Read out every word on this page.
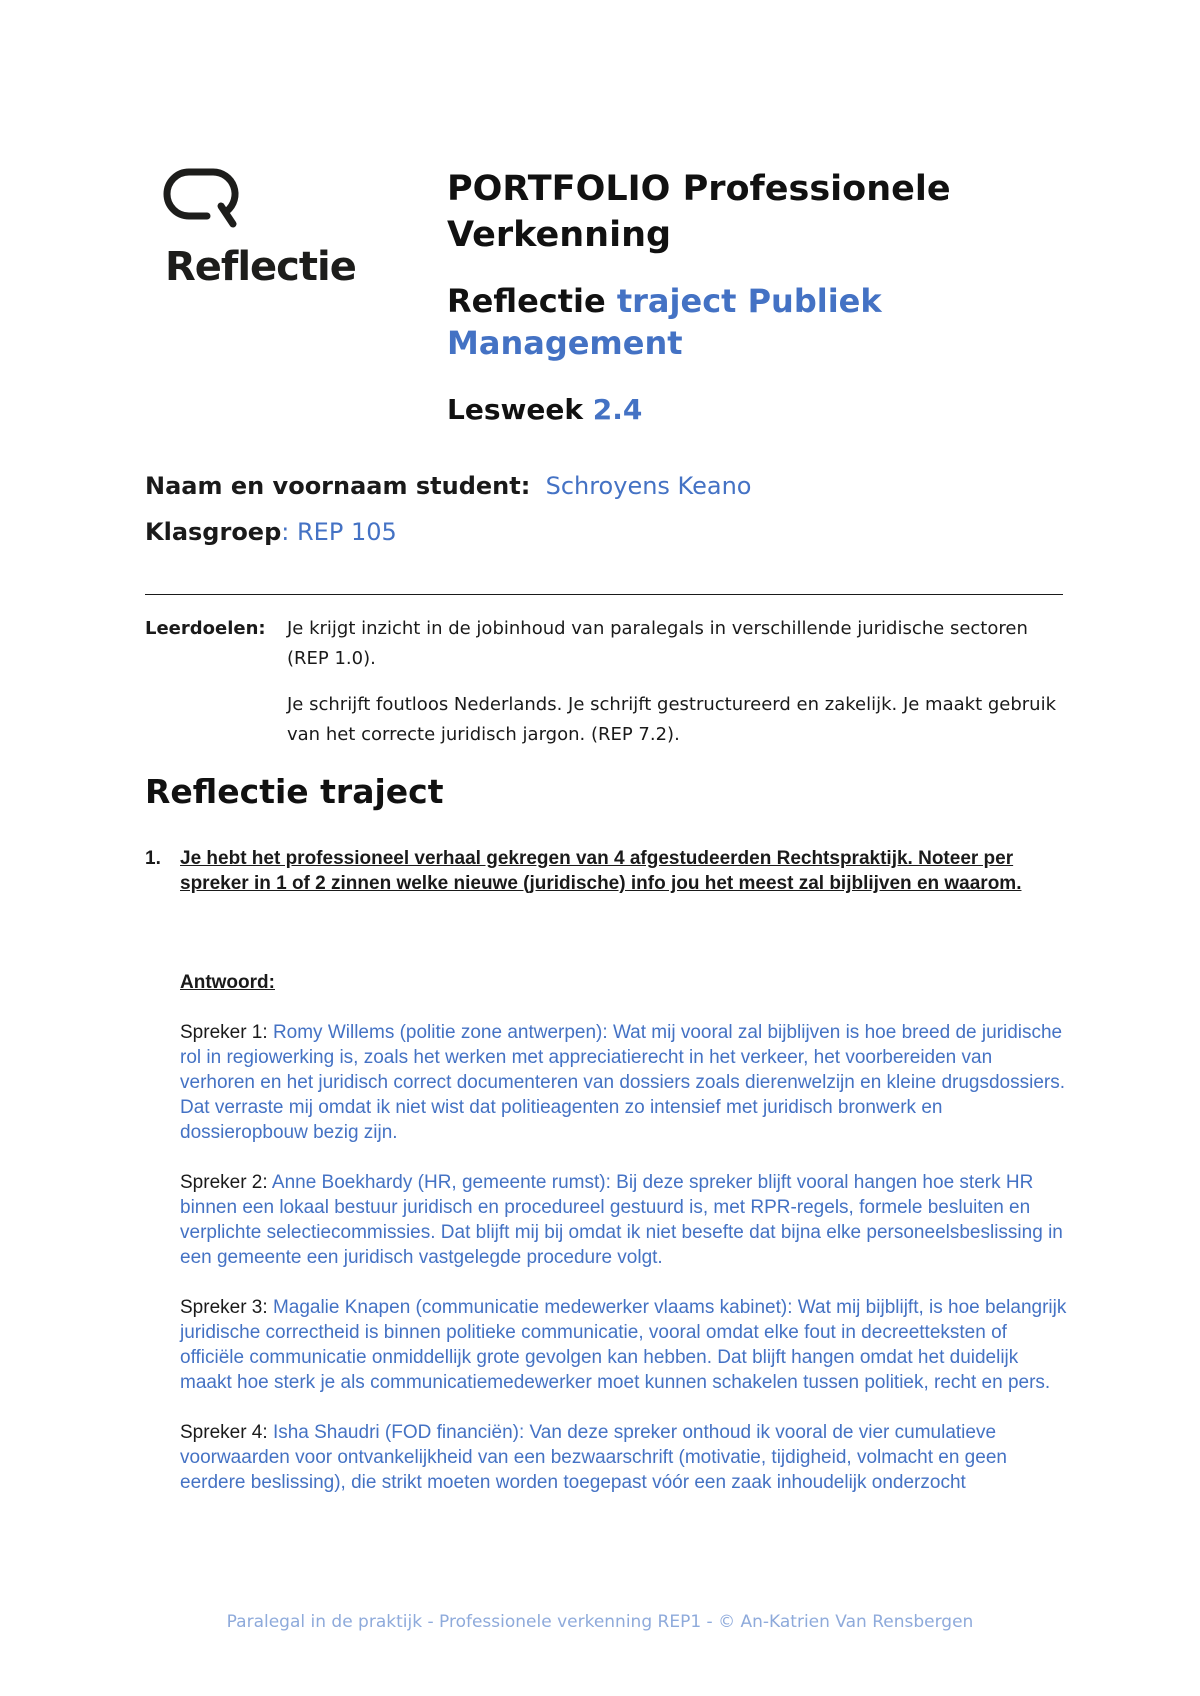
Reflectie
PORTFOLIO Professionele Verkenning
Reflectie traject Publiek Management
Lesweek 2.4
Naam en voornaam student: Schroyens Keano
Klasgroep: REP 105
Leerdoelen: Je krijgt inzicht in de jobinhoud van paralegals in verschillende juridische sectoren (REP 1.0).

Je schrijft foutloos Nederlands. Je schrijft gestructureerd en zakelijk. Je maakt gebruik van het correcte juridisch jargon. (REP 7.2).

Reflectie traject
1. Je hebt het professioneel verhaal gekregen van 4 afgestudeerden Rechtspraktijk. Noteer per spreker in 1 of 2 zinnen welke nieuwe (juridische) info jou het meest zal bijblijven en waarom.
Antwoord:

Spreker 1: Romy Willems (politie zone antwerpen): Wat mij vooral zal bijblijven is hoe breed de juridische rol in regiowerking is, zoals het werken met appreciatierecht in het verkeer, het voorbereiden van verhoren en het juridisch correct documenteren van dossiers zoals dierenwelzijn en kleine drugsdossiers. Dat verraste mij omdat ik niet wist dat politieagenten zo intensief met juridisch bronwerk en dossieropbouw bezig zijn.

Spreker 2: Anne Boekhardy (HR, gemeente rumst): Bij deze spreker blijft vooral hangen hoe sterk HR binnen een lokaal bestuur juridisch en procedureel gestuurd is, met RPR-regels, formele besluiten en verplichte selectiecommissies. Dat blijft mij bij omdat ik niet besefte dat bijna elke personeelsbeslissing in een gemeente een juridisch vastgelegde procedure volgt.

Spreker 3: Magalie Knapen (communicatie medewerker vlaams kabinet): Wat mij bijblijft, is hoe belangrijk juridische correctheid is binnen politieke communicatie, vooral omdat elke fout in decreetteksten of officiële communicatie onmiddellijk grote gevolgen kan hebben. Dat blijft hangen omdat het duidelijk maakt hoe sterk je als communicatiemedewerker moet kunnen schakelen tussen politiek, recht en pers.

Spreker 4: Isha Shaudri (FOD financiën): Van deze spreker onthoud ik vooral de vier cumulatieve voorwaarden voor ontvankelijkheid van een bezwaarschrift (motivatie, tijdigheid, volmacht en geen eerdere beslissing), die strikt moeten worden toegepast vóór een zaak inhoudelijk onderzocht

Paralegal in de praktijk - Professionele verkenning REP1 - © An-Katrien Van Rensbergen
